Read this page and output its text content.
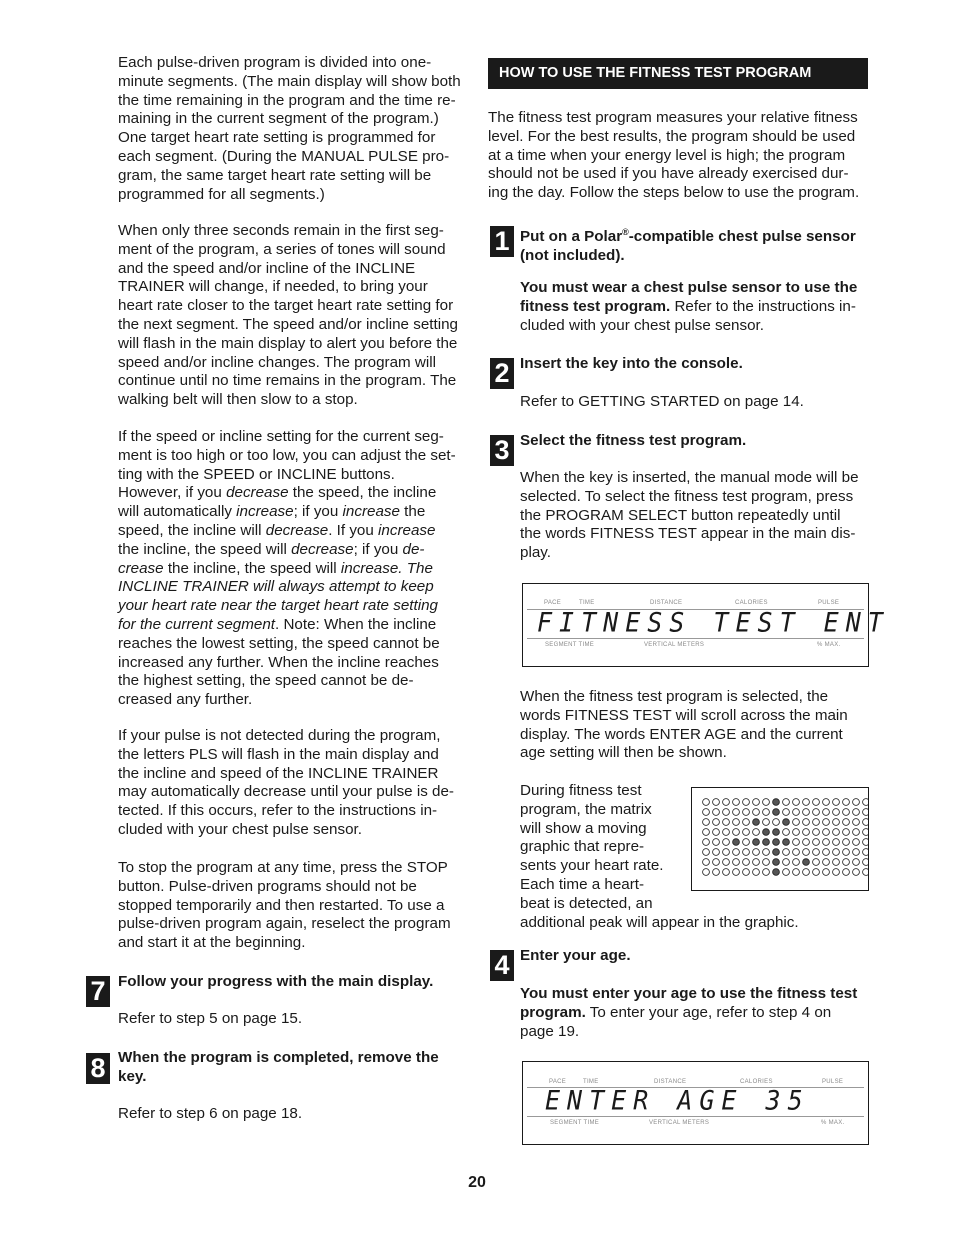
Each pulse-driven program is divided into one-
minute segments. (The main display will show both
the time remaining in the program and the time re-
maining in the current segment of the program.)
One target heart rate setting is programmed for
each segment. (During the MANUAL PULSE pro-
gram, the same target heart rate setting will be
programmed for all segments.)
When only three seconds remain in the first seg-
ment of the program, a series of tones will sound
and the speed and/or incline of the INCLINE
TRAINER will change, if needed, to bring your
heart rate closer to the target heart rate setting for
the next segment. The speed and/or incline setting
will flash in the main display to alert you before the
speed and/or incline changes. The program will
continue until no time remains in the program. The
walking belt will then slow to a stop.
If the speed or incline setting for the current seg-
ment is too high or too low, you can adjust the set-
ting with the SPEED or INCLINE buttons.
However, if you decrease the speed, the incline
will automatically increase; if you increase the
speed, the incline will decrease. If you increase
the incline, the speed will decrease; if you de-
crease the incline, the speed will increase. The
INCLINE TRAINER will always attempt to keep
your heart rate near the target heart rate setting
for the current segment. Note: When the incline
reaches the lowest setting, the speed cannot be
increased any further. When the incline reaches
the highest setting, the speed cannot be de-
creased any further.
If your pulse is not detected during the program,
the letters PLS will flash in the main display and
the incline and speed of the INCLINE TRAINER
may automatically decrease until your pulse is de-
tected. If this occurs, refer to the instructions in-
cluded with your chest pulse sensor.
To stop the program at any time, press the STOP
button. Pulse-driven programs should not be
stopped temporarily and then restarted. To use a
pulse-driven program again, reselect the program
and start it at the beginning.
7 Follow your progress with the main display.
Refer to step 5 on page 15.
8 When the program is completed, remove the
key.
Refer to step 6 on page 18.
HOW TO USE THE FITNESS TEST PROGRAM
The fitness test program measures your relative fitness
level. For the best results, the program should be used
at a time when your energy level is high; the program
should not be used if you have already exercised dur-
ing the day. Follow the steps below to use the program.
1 Put on a Polar®-compatible chest pulse sensor
(not included).
You must wear a chest pulse sensor to use the
fitness test program. Refer to the instructions in-
cluded with your chest pulse sensor.
2 Insert the key into the console.
Refer to GETTING STARTED on page 14.
3 Select the fitness test program.
When the key is inserted, the manual mode will be
selected. To select the fitness test program, press
the PROGRAM SELECT button repeatedly until
the words FITNESS TEST appear in the main dis-
play.
PACE	TIME	DISTANCE	CALORIES	PULSE
FITNESS TEST ENT
SEGMENT TIME	VERTICAL METERS	% MAX.
When the fitness test program is selected, the
words FITNESS TEST will scroll across the main
display. The words ENTER AGE and the current
age setting will then be shown.
During fitness test
program, the matrix
will show a moving
graphic that repre-
sents your heart rate.
Each time a heart-
beat is detected, an
additional peak will appear in the graphic.
4 Enter your age.
You must enter your age to use the fitness test
program. To enter your age, refer to step 4 on
page 19.
PACE	TIME	DISTANCE	CALORIES	PULSE
ENTER AGE 35
SEGMENT TIME	VERTICAL METERS	% MAX.
20
